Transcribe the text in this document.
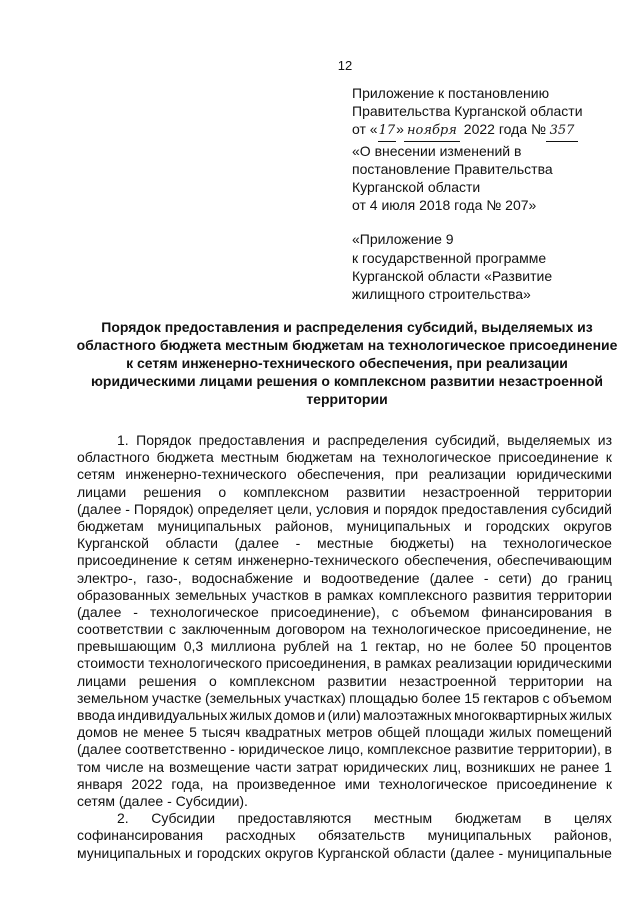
12
Приложение к постановлению
Правительства Курганской области
от «17» ноября 2022 года № 357
«О внесении изменений в
постановление Правительства
Курганской области
от 4 июля 2018 года № 207»
«Приложение 9
к государственной программе
Курганской области «Развитие
жилищного строительства»
Порядок предоставления и распределения субсидий, выделяемых из
областного бюджета местным бюджетам на технологическое присоединение
к сетям инженерно-технического обеспечения, при реализации
юридическими лицами решения о комплексном развитии незастроенной
территории
1. Порядок предоставления и распределения субсидий, выделяемых из
областного бюджета местным бюджетам на технологическое присоединение к
сетям инженерно-технического обеспечения, при реализации юридическими
лицами решения о комплексном развитии незастроенной территории
(далее - Порядок) определяет цели, условия и порядок предоставления субсидий
бюджетам муниципальных районов, муниципальных и городских округов
Курганской области (далее - местные бюджеты) на технологическое
присоединение к сетям инженерно-технического обеспечения, обеспечивающим
электро-, газо-, водоснабжение и водоотведение (далее - сети) до границ
образованных земельных участков в рамках комплексного развития территории
(далее - технологическое присоединение), с объемом финансирования в
соответствии с заключенным договором на технологическое присоединение, не
превышающим 0,3 миллиона рублей на 1 гектар, но не более 50 процентов
стоимости технологического присоединения, в рамках реализации юридическими
лицами решения о комплексном развитии незастроенной территории на
земельном участке (земельных участках) площадью более 15 гектаров с объемом
ввода индивидуальных жилых домов и (или) малоэтажных многоквартирных жилых
домов не менее 5 тысяч квадратных метров общей площади жилых помещений
(далее соответственно - юридическое лицо, комплексное развитие территории), в
том числе на возмещение части затрат юридических лиц, возникших не ранее 1
января 2022 года, на произведенное ими технологическое присоединение к
сетям (далее - Субсидии).
2. Субсидии предоставляются местным бюджетам в целях
софинансирования расходных обязательств муниципальных районов,
муниципальных и городских округов Курганской области (далее - муниципальные
